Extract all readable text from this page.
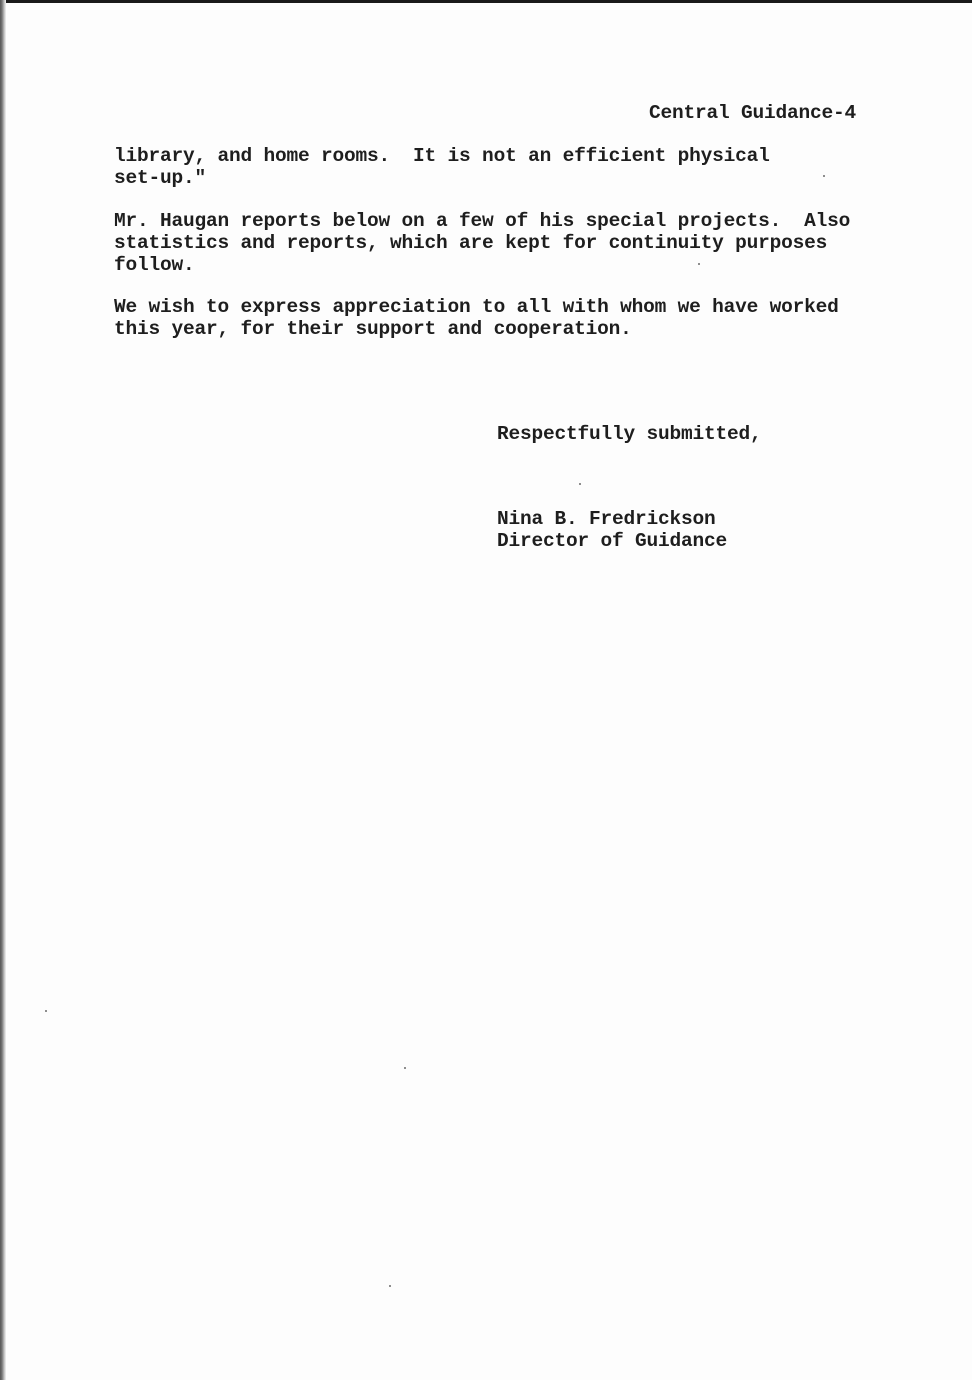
Central Guidance-4
library, and home rooms.  It is not an efficient physical
set-up."
Mr. Haugan reports below on a few of his special projects.  Also
statistics and reports, which are kept for continuity purposes
follow.
We wish to express appreciation to all with whom we have worked
this year, for their support and cooperation.
Respectfully submitted,
Nina B. Fredrickson
Director of Guidance
